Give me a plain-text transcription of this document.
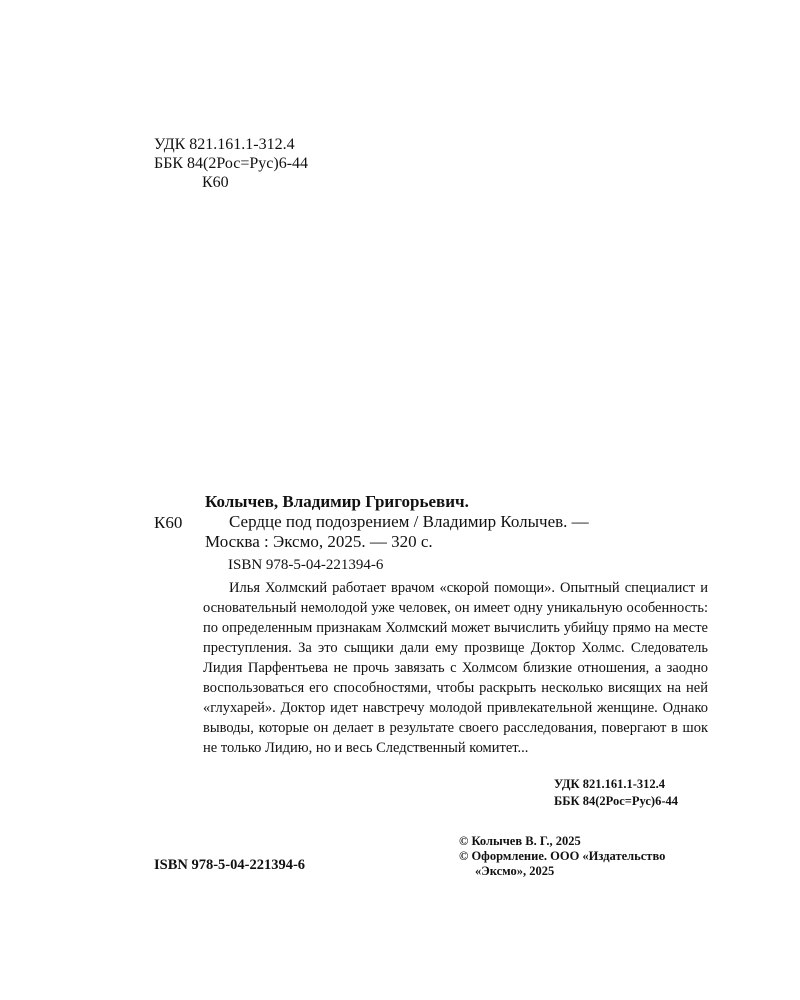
УДК 821.161.1-312.4
ББК 84(2Рос=Рус)6-44
К60
Колычев, Владимир Григорьевич.
К60	Сердце под подозрением / Владимир Колычев. —
Москва : Эксмо, 2025. — 320 с.
ISBN 978-5-04-221394-6
Илья Холмский работает врачом «скорой помощи». Опытный специалист и основательный немолодой уже человек, он имеет одну уникальную особенность: по определенным признакам Холмский может вычислить убийцу прямо на месте преступления. За это сыщики дали ему прозвище Доктор Холмс. Следователь Лидия Парфентьева не прочь завязать с Холмсом близкие отношения, а заодно воспользоваться его способностями, чтобы раскрыть несколько висящих на ней «глухарей». Доктор идет навстречу молодой привлекательной женщине. Однако выводы, которые он делает в результате своего расследования, повергают в шок не только Лидию, но и весь Следственный комитет...
УДК 821.161.1-312.4
ББК 84(2Рос=Рус)6-44
ISBN 978-5-04-221394-6
© Колычев В. Г., 2025
© Оформление. ООО «Издательство
«Эксмо», 2025
